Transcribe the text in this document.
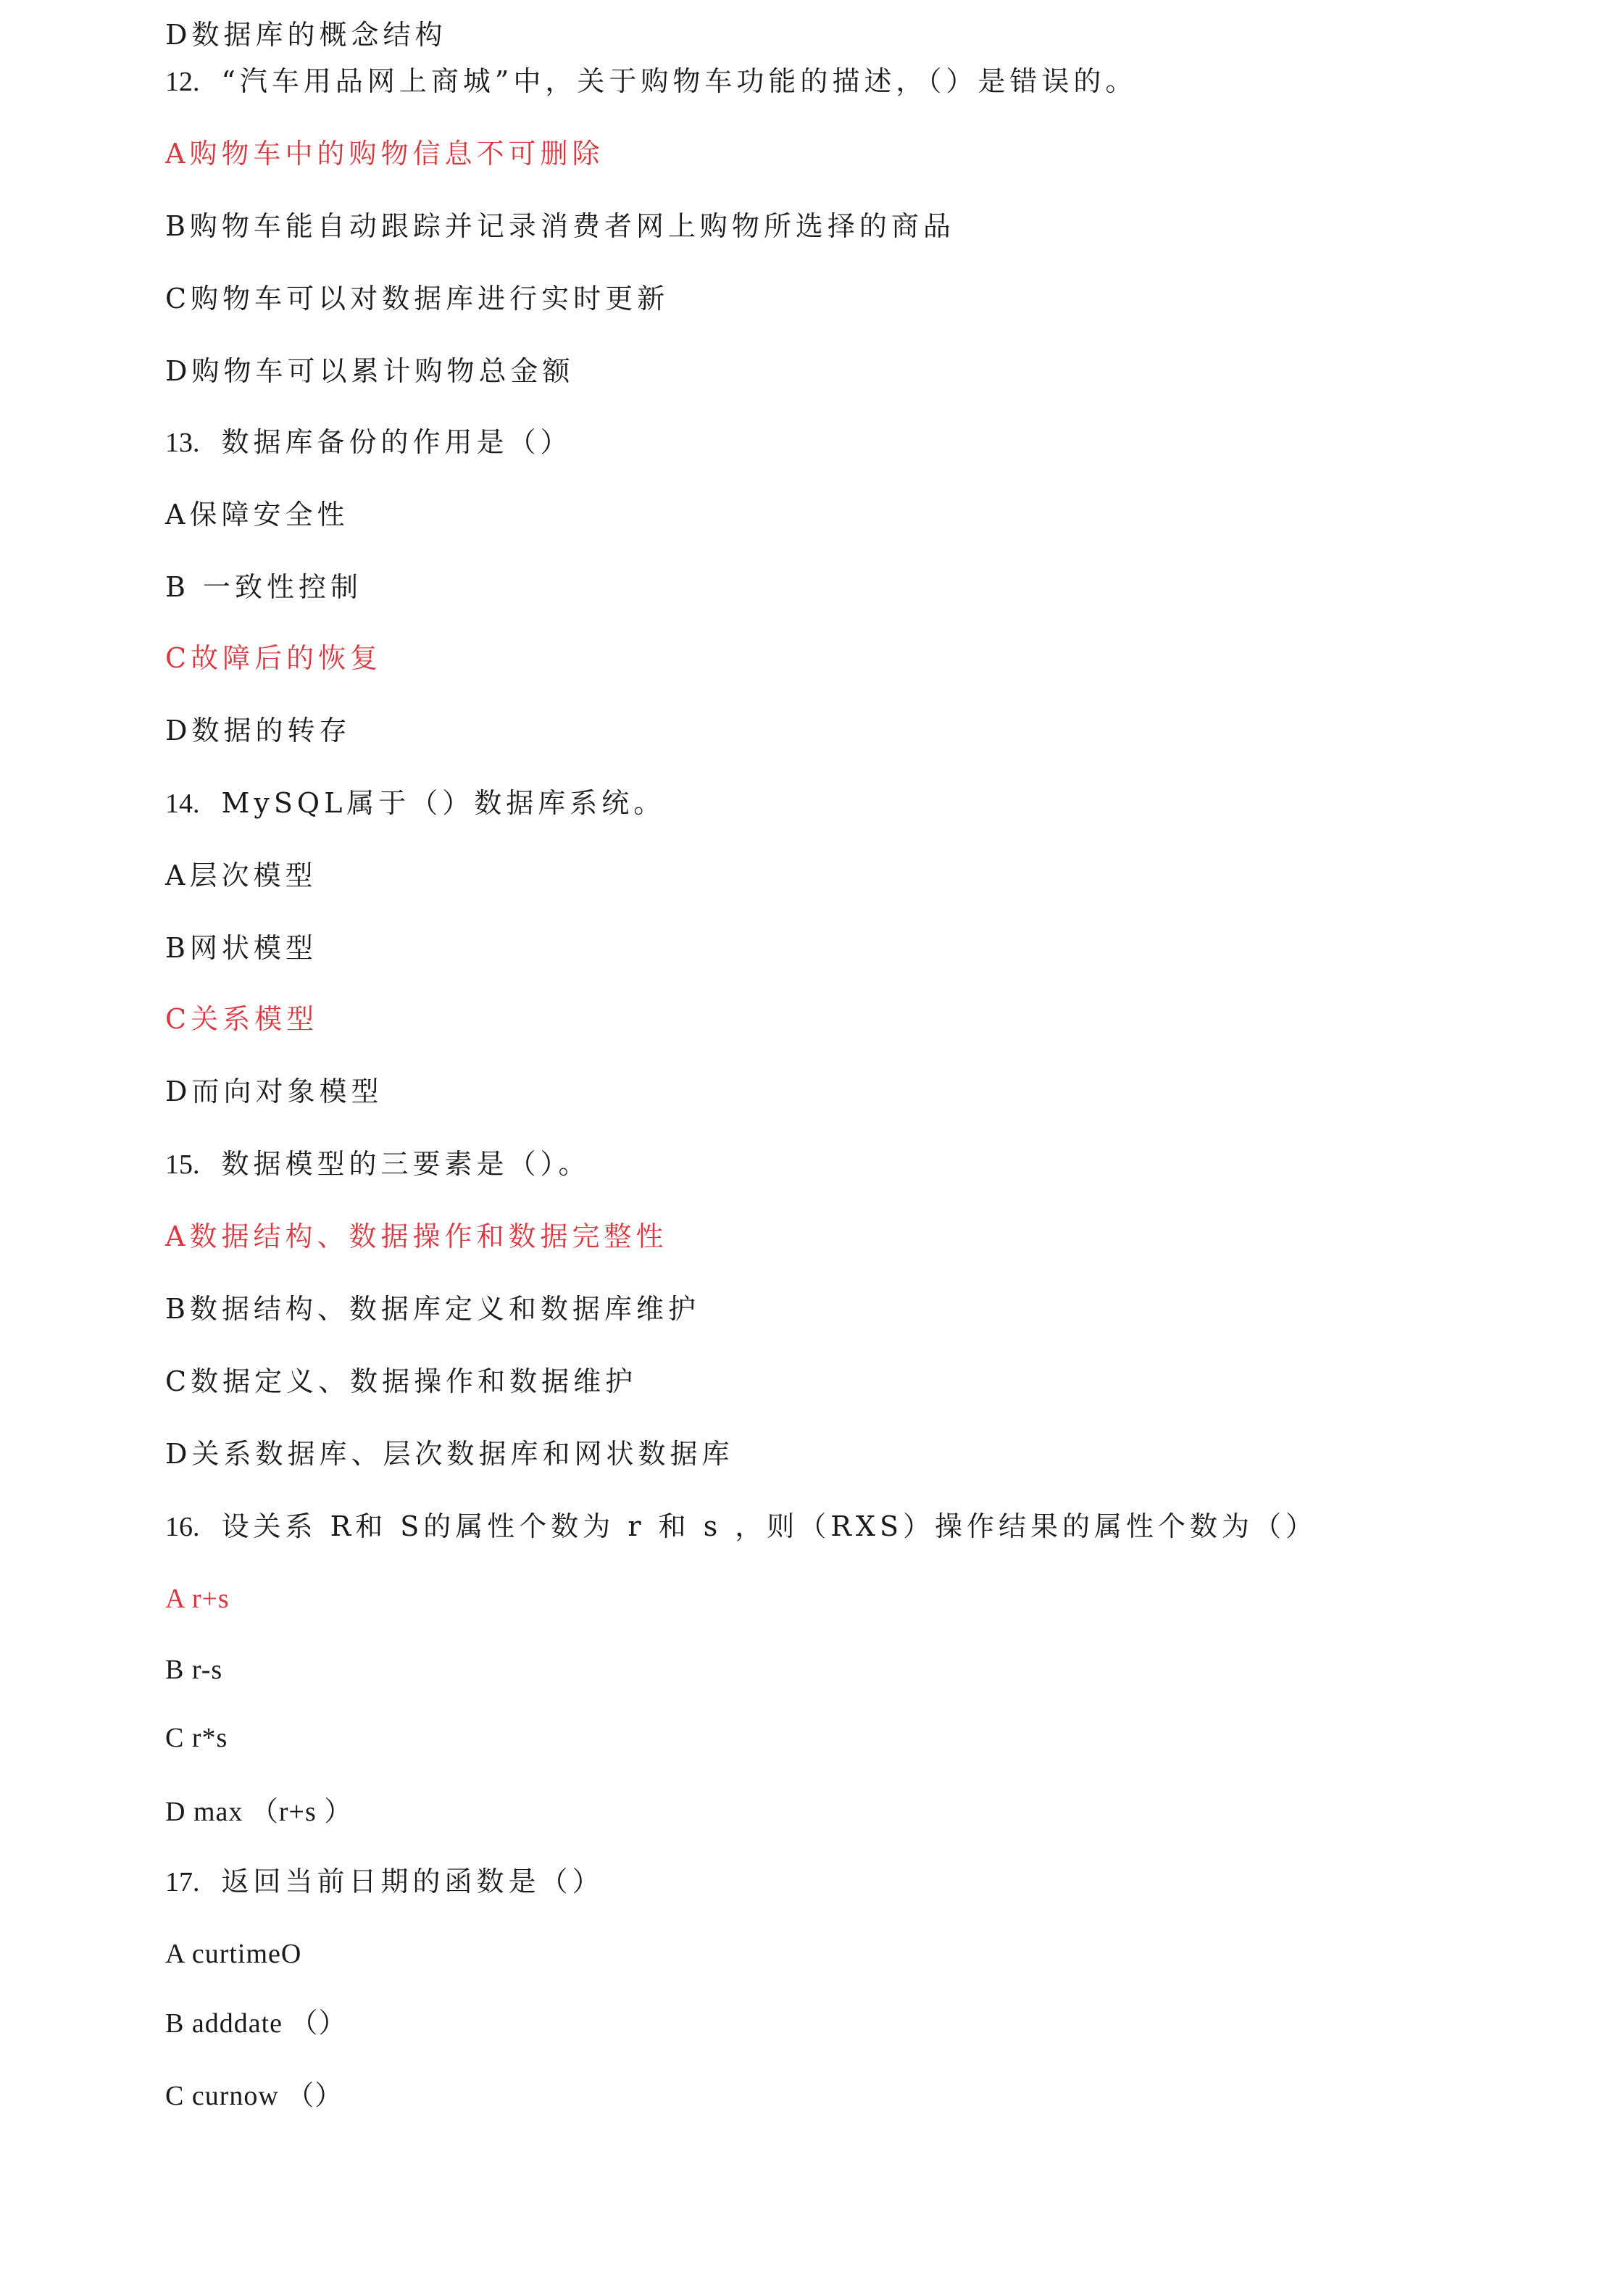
D数据库的概念结构
12. “汽车用品网上商城”中，关于购物车功能的描述，（）是错误的。
A购物车中的购物信息不可删除
B购物车能自动跟踪并记录消费者网上购物所选择的商品
C购物车可以对数据库进行实时更新
D购物车可以累计购物总金额
13. 数据库备份的作用是（）
A保障安全性
B 一致性控制
C故障后的恢复
D数据的转存
14. MySQL属于（）数据库系统。
A层次模型
B网状模型
C关系模型
D而向对象模型
15. 数据模型的三要素是（）。
A数据结构、数据操作和数据完整性
B数据结构、数据库定义和数据库维护
C数据定义、数据操作和数据维护
D关系数据库、层次数据库和网状数据库
16. 设关系 R和 S的属性个数为 r 和 s ，则（RXS）操作结果的属性个数为（）
A r+s
B r-s
C r*s
D max （r+s ）
17. 返回当前日期的函数是（）
A curtimeO
B adddate （）
C curnow （）
